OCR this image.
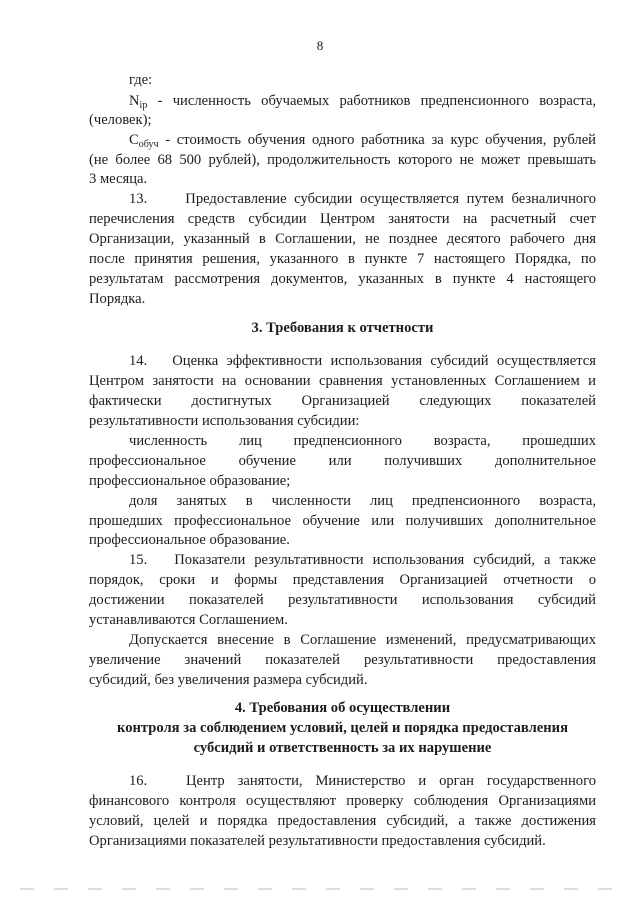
8
где:
$N_{ip}$ - численность обучаемых работников предпенсионного возраста,
(человек);
$С_{обуч}$ - стоимость обучения одного работника за курс обучения, рублей
(не более 68 500 рублей), продолжительность которого не может превышать
3 месяца.
13.     Предоставление субсидии осуществляется путем безналичного
перечисления средств субсидии Центром занятости на расчетный счет
Организации, указанный в Соглашении, не позднее десятого рабочего дня
после принятия решения, указанного в пункте 7 настоящего Порядка, по
результатам рассмотрения документов, указанных в пункте 4 настоящего
Порядка.
3. Требования к отчетности
14.   Оценка эффективности использования субсидий осуществляется
Центром занятости на основании сравнения установленных Соглашением и
фактически достигнутых Организацией следующих показателей
результативности использования субсидии:
численность лиц предпенсионного возраста, прошедших
профессиональное обучение или получивших дополнительное
профессиональное образование;
доля занятых в численности лиц предпенсионного возраста,
прошедших профессиональное обучение или получивших дополнительное
профессиональное образование.
15.   Показатели результативности использования субсидий, а также
порядок, сроки и формы представления Организацией отчетности о
достижении показателей результативности использования субсидий
устанавливаются Соглашением.
Допускается внесение в Соглашение изменений, предусматривающих
увеличение значений показателей результативности предоставления
субсидий, без увеличения размера субсидий.
4. Требования об осуществлении
контроля за соблюдением условий, целей и порядка предоставления
субсидий и ответственность за их нарушение
16.   Центр занятости, Министерство и орган государственного
финансового контроля осуществляют проверку соблюдения Организациями
условий, целей и порядка предоставления субсидий, а также достижения
Организациями показателей результативности предоставления субсидий.
